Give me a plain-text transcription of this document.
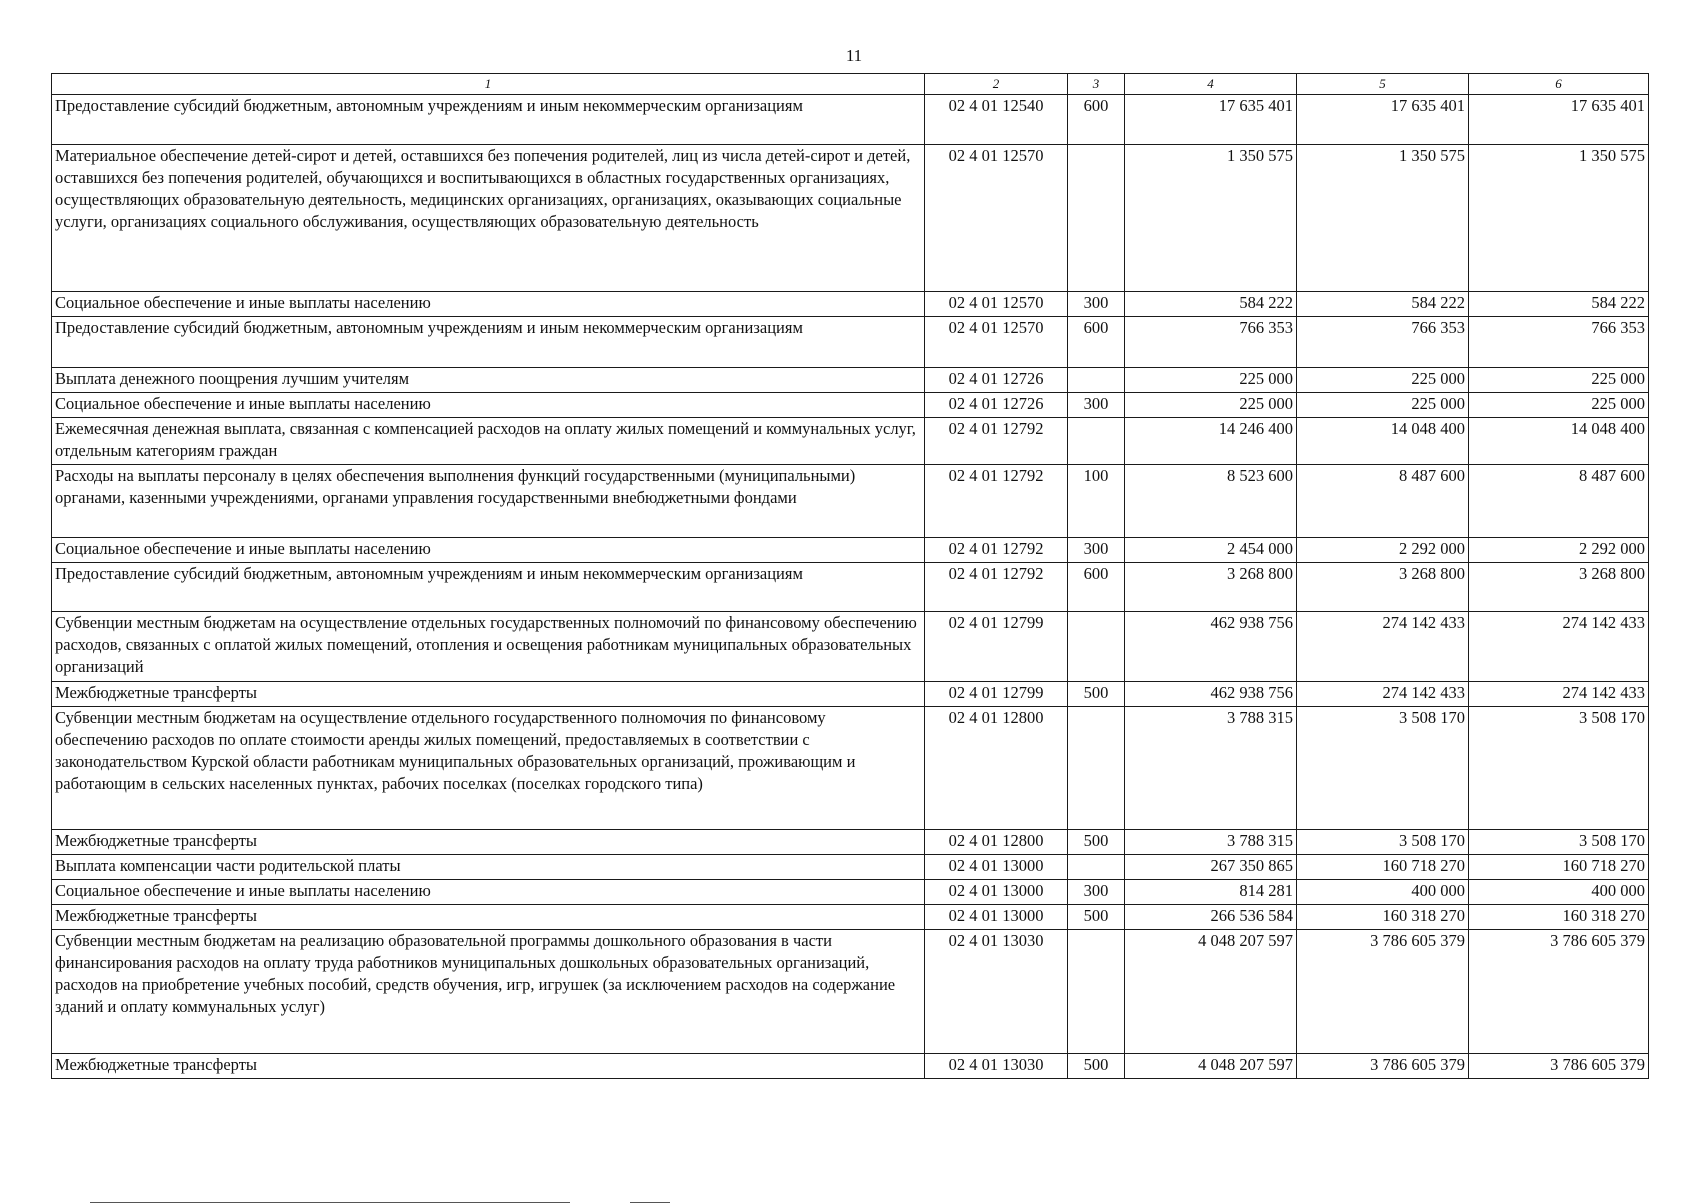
11
1	2	3	4	5	6
Предоставление субсидий бюджетным, автономным учреждениям и иным некоммерческим организациям	02 4 01 12540	600	17 635 401	17 635 401	17 635 401
Материальное обеспечение детей-сирот и детей, оставшихся без попечения родителей, лиц из числа детей-сирот и детей, оставшихся без попечения родителей, обучающихся и воспитывающихся в областных государственных организациях, осуществляющих образовательную деятельность, медицинских организациях, организациях, оказывающих социальные услуги, организациях социального обслуживания, осуществляющих образовательную деятельность	02 4 01 12570		1 350 575	1 350 575	1 350 575
Социальное обеспечение и иные выплаты населению	02 4 01 12570	300	584 222	584 222	584 222
Предоставление субсидий бюджетным, автономным учреждениям и иным некоммерческим организациям	02 4 01 12570	600	766 353	766 353	766 353
Выплата денежного поощрения лучшим учителям	02 4 01 12726		225 000	225 000	225 000
Социальное обеспечение и иные выплаты населению	02 4 01 12726	300	225 000	225 000	225 000
Ежемесячная денежная выплата, связанная с компенсацией расходов на оплату жилых помещений и коммунальных услуг, отдельным категориям граждан	02 4 01 12792		14 246 400	14 048 400	14 048 400
Расходы на выплаты персоналу в целях обеспечения выполнения функций государственными (муниципальными) органами, казенными учреждениями, органами управления государственными внебюджетными фондами	02 4 01 12792	100	8 523 600	8 487 600	8 487 600
Социальное обеспечение и иные выплаты населению	02 4 01 12792	300	2 454 000	2 292 000	2 292 000
Предоставление субсидий бюджетным, автономным учреждениям и иным некоммерческим организациям	02 4 01 12792	600	3 268 800	3 268 800	3 268 800
Субвенции местным бюджетам на осуществление отдельных государственных полномочий по финансовому обеспечению расходов, связанных с оплатой жилых помещений, отопления и освещения работникам муниципальных образовательных организаций	02 4 01 12799		462 938 756	274 142 433	274 142 433
Межбюджетные трансферты	02 4 01 12799	500	462 938 756	274 142 433	274 142 433
Субвенции местным бюджетам на осуществление отдельного государственного полномочия по финансовому обеспечению расходов по оплате стоимости аренды жилых помещений, предоставляемых в соответствии с законодательством Курской области работникам муниципальных образовательных организаций, проживающим и работающим в сельских населенных пунктах, рабочих поселках (поселках городского типа)	02 4 01 12800		3 788 315	3 508 170	3 508 170
Межбюджетные трансферты	02 4 01 12800	500	3 788 315	3 508 170	3 508 170
Выплата компенсации части родительской платы	02 4 01 13000		267 350 865	160 718 270	160 718 270
Социальное обеспечение и иные выплаты населению	02 4 01 13000	300	814 281	400 000	400 000
Межбюджетные трансферты	02 4 01 13000	500	266 536 584	160 318 270	160 318 270
Субвенции местным бюджетам на реализацию образовательной программы дошкольного образования в части финансирования расходов на оплату труда работников муниципальных дошкольных образовательных организаций, расходов на приобретение учебных пособий, средств обучения, игр, игрушек (за исключением расходов на содержание зданий и оплату коммунальных услуг)	02 4 01 13030		4 048 207 597	3 786 605 379	3 786 605 379
Межбюджетные трансферты	02 4 01 13030	500	4 048 207 597	3 786 605 379	3 786 605 379
